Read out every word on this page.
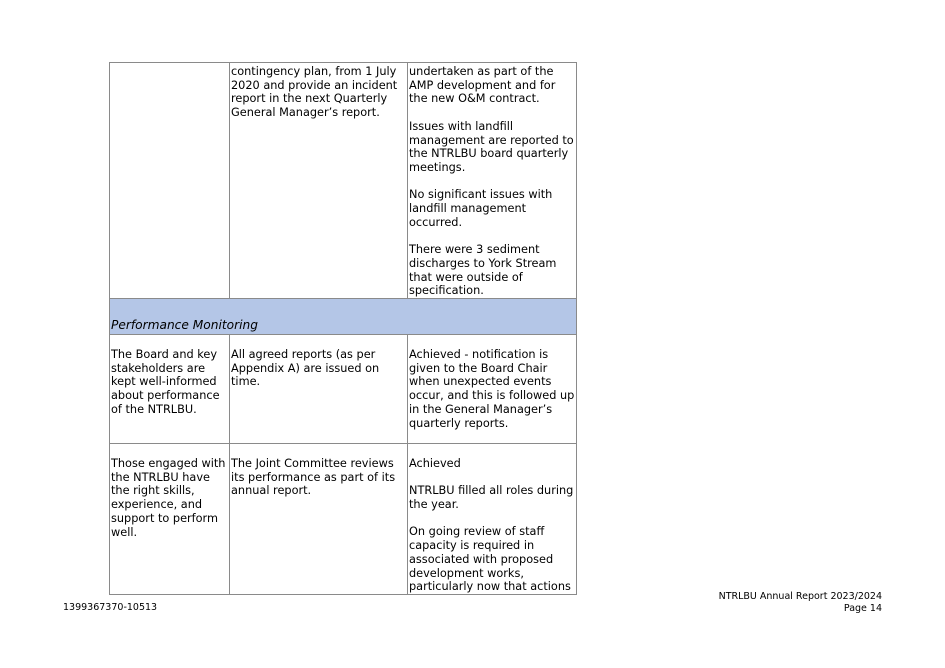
	contingency plan, from 1 July 2020 and provide an incident report in the next Quarterly General Manager’s report.	undertaken as part of the AMP development and for the new O&M contract.

Issues with landfill management are reported to the NTRLBU board quarterly meetings.

No significant issues with landfill management occurred.

There were 3 sediment discharges to York Stream that were outside of specification.

Performance Monitoring		
The Board and key stakeholders are kept well-informed about performance of the NTRLBU.	All agreed reports (as per Appendix A) are issued on time.	Achieved - notification is given to the Board Chair when unexpected events occur, and this is followed up in the General Manager’s quarterly reports.
Those engaged with the NTRLBU have the right skills, experience, and support to perform well.	The Joint Committee reviews its performance as part of its annual report.	Achieved

NTRLBU filled all roles during the year.

On going review of staff capacity is required in associated with proposed development works, particularly now that actions

1399367370-10513
NTRLBU Annual Report 2023/2024
Page 14
